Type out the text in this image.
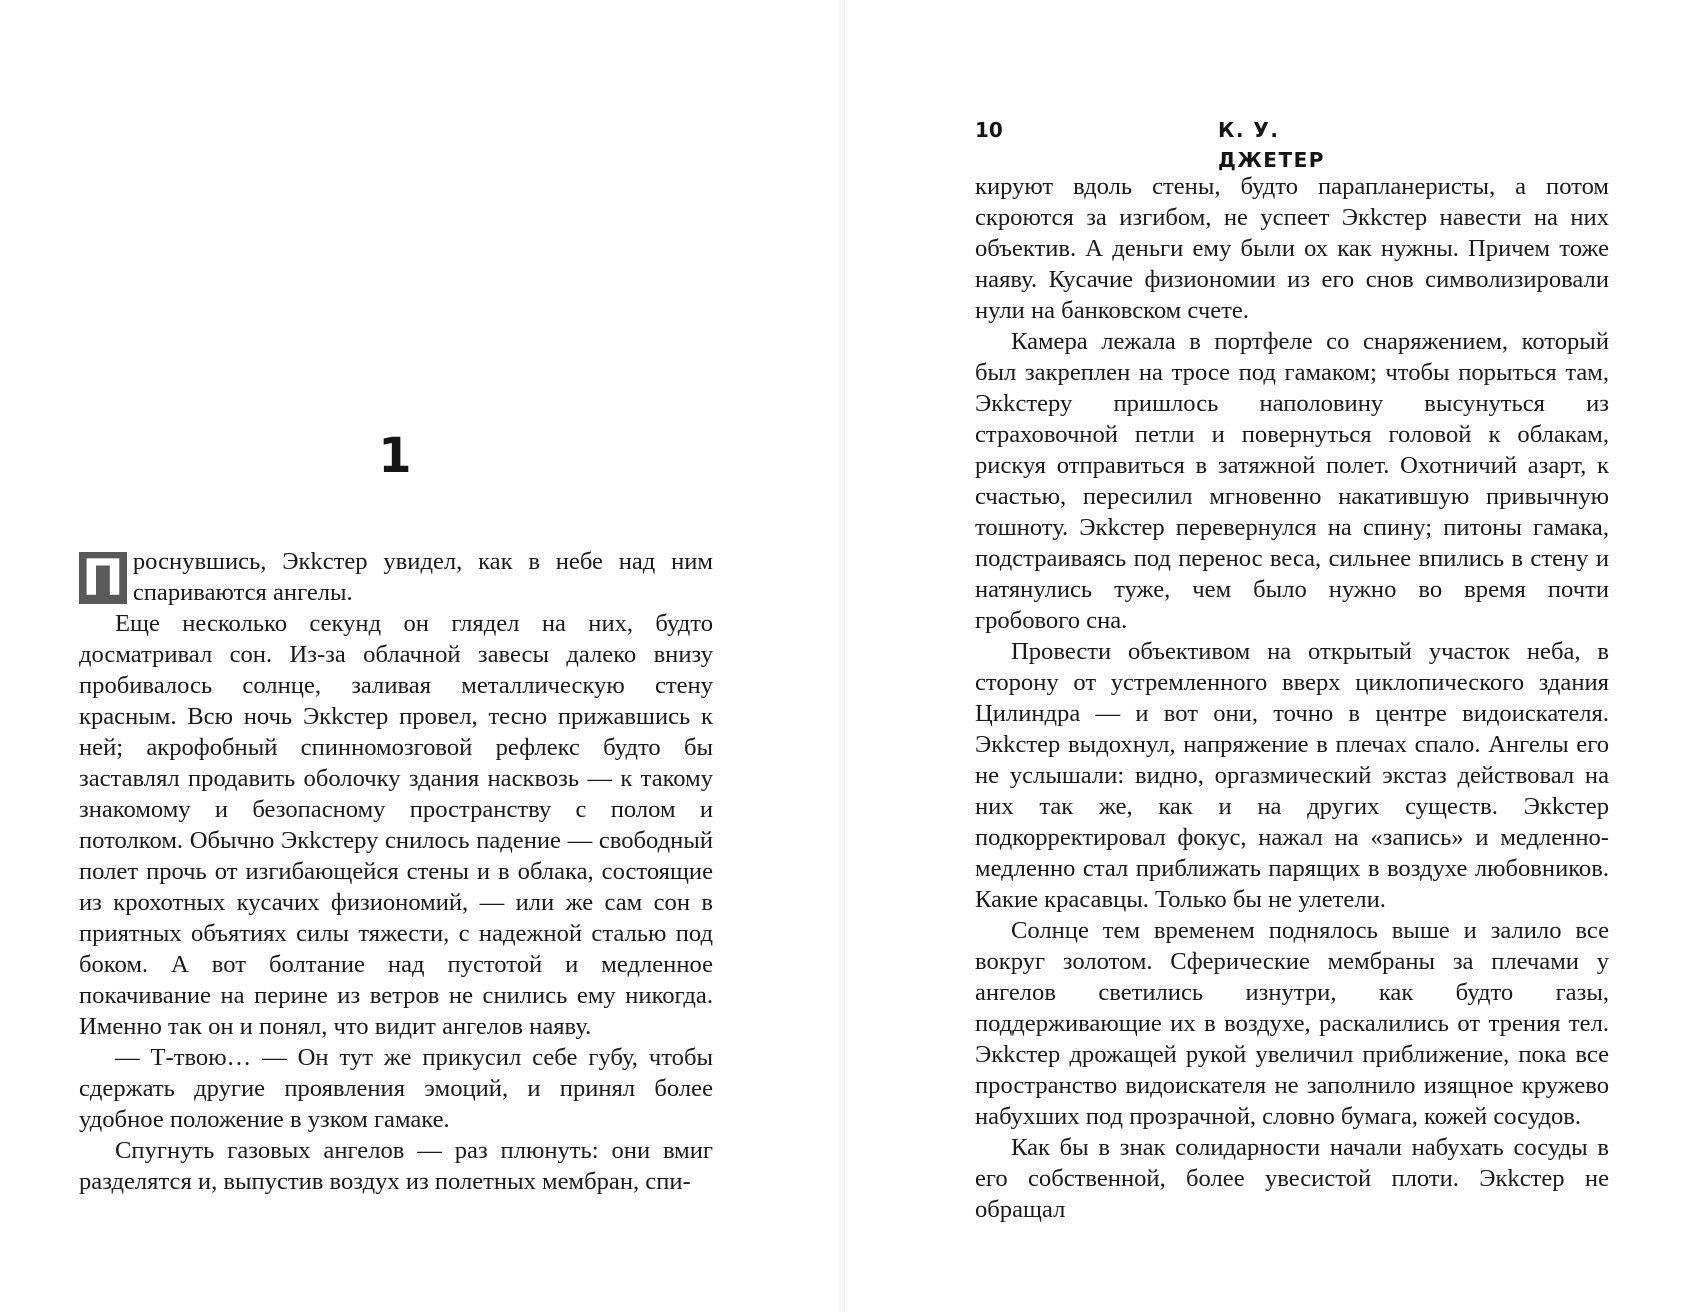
1

П роснувшись, Экkстер увидел, как в небе над ним спариваются ангелы.

Еще несколько секунд он глядел на них, будто досматривал сон. Из-за облачной завесы далеко внизу пробивалось солнце, заливая металлическую стену красным. Всю ночь Экkстер провел, тесно прижавшись к ней; акрофобный спинномозговой рефлекс будто бы заставлял продавить оболочку здания насквозь — к такому знакомому и безопасному пространству с полом и потолком. Обычно Экkстеру снилось падение — свободный полет прочь от изгибающейся стены и в облака, состоящие из крохотных кусачих физиономий, — или же сам сон в приятных объятиях силы тяжести, с надежной сталью под боком. А вот болтание над пустотой и медленное покачивание на перине из ветров не снились ему никогда. Именно так он и понял, что видит ангелов наяву.

— Т-твою… — Он тут же прикусил себе губу, чтобы сдержать другие проявления эмоций, и принял более удобное положение в узком гамаке.

Спугнуть газовых ангелов — раз плюнуть: они вмиг разделятся и, выпустив воздух из полетных мембран, спи-

10	К. У. ДЖЕТЕР

кируют вдоль стены, будто парапланеристы, а потом скроются за изгибом, не успеет Экkстер навести на них объектив. А деньги ему были ох как нужны. Причем тоже наяву. Кусачие физиономии из его снов символизировали нули на банковском счете.

Камера лежала в портфеле со снаряжением, который был закреплен на тросе под гамаком; чтобы порыться там, Экkстеру пришлось наполовину высунуться из страховочной петли и повернуться головой к облакам, рискуя отправиться в затяжной полет. Охотничий азарт, к счастью, пересилил мгновенно накатившую привычную тошноту. Экkстер перевернулся на спину; питоны гамака, подстраиваясь под перенос веса, сильнее впились в стену и натянулись туже, чем было нужно во время почти гробового сна.

Провести объективом на открытый участок неба, в сторону от устремленного вверх циклопического здания Цилиндра — и вот они, точно в центре видоискателя. Экkстер выдохнул, напряжение в плечах спало. Ангелы его не услышали: видно, оргазмический экстаз действовал на них так же, как и на других существ. Экkстер подкорректировал фокус, нажал на «запись» и медленно-медленно стал приближать парящих в воздухе любовников. Какие красавцы. Только бы не улетели.

Солнце тем временем поднялось выше и залило все вокруг золотом. Сферические мембраны за плечами у ангелов светились изнутри, как будто газы, поддерживающие их в воздухе, раскалились от трения тел. Экkстер дрожащей рукой увеличил приближение, пока все пространство видоискателя не заполнило изящное кружево набухших под прозрачной, словно бумага, кожей сосудов.

Как бы в знак солидарности начали набухать сосуды в его собственной, более увесистой плоти. Экkстер не обращал
